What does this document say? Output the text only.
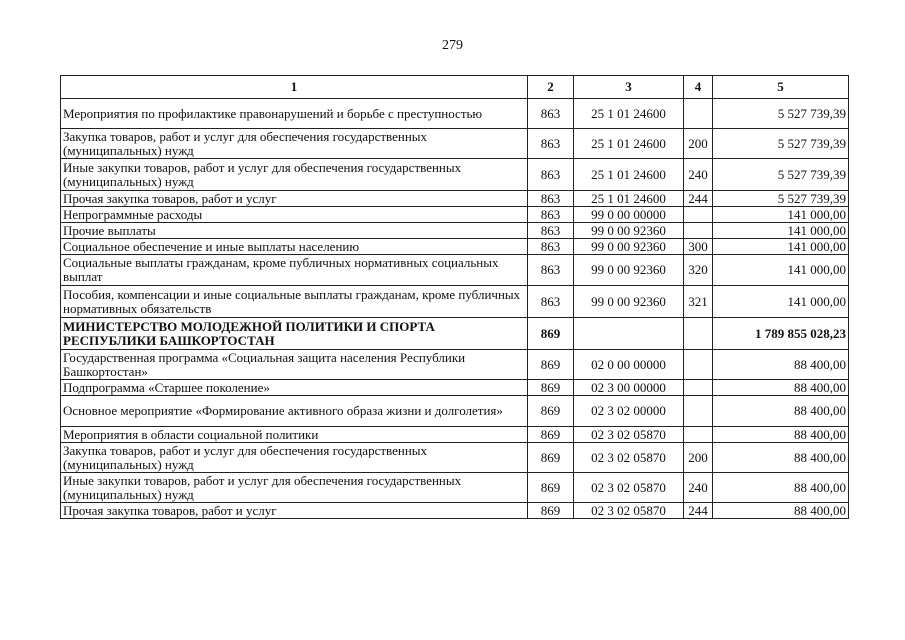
279
1	2	3	4	5
Мероприятия по профилактике правонарушений и борьбе с преступностью	863	25 1 01 24600		5 527 739,39
Закупка товаров, работ и услуг для обеспечения государственных (муниципальных) нужд	863	25 1 01 24600	200	5 527 739,39
Иные закупки товаров, работ и услуг для обеспечения государственных (муниципальных) нужд	863	25 1 01 24600	240	5 527 739,39
Прочая закупка товаров, работ и услуг	863	25 1 01 24600	244	5 527 739,39
Непрограммные расходы	863	99 0 00 00000		141 000,00
Прочие выплаты	863	99 0 00 92360		141 000,00
Социальное обеспечение и иные выплаты населению	863	99 0 00 92360	300	141 000,00
Социальные выплаты гражданам, кроме публичных нормативных социальных выплат	863	99 0 00 92360	320	141 000,00
Пособия, компенсации и иные социальные выплаты гражданам, кроме публичных нормативных обязательств	863	99 0 00 92360	321	141 000,00
МИНИСТЕРСТВО МОЛОДЕЖНОЙ ПОЛИТИКИ И СПОРТА РЕСПУБЛИКИ БАШКОРТОСТАН	869			1 789 855 028,23
Государственная программа «Социальная защита населения Республики Башкортостан»	869	02 0 00 00000		88 400,00
Подпрограмма «Старшее поколение»	869	02 3 00 00000		88 400,00
Основное мероприятие «Формирование активного образа жизни и долголетия»	869	02 3 02 00000		88 400,00
Мероприятия в области социальной политики	869	02 3 02 05870		88 400,00
Закупка товаров, работ и услуг для обеспечения государственных (муниципальных) нужд	869	02 3 02 05870	200	88 400,00
Иные закупки товаров, работ и услуг для обеспечения государственных (муниципальных) нужд	869	02 3 02 05870	240	88 400,00
Прочая закупка товаров, работ и услуг	869	02 3 02 05870	244	88 400,00
